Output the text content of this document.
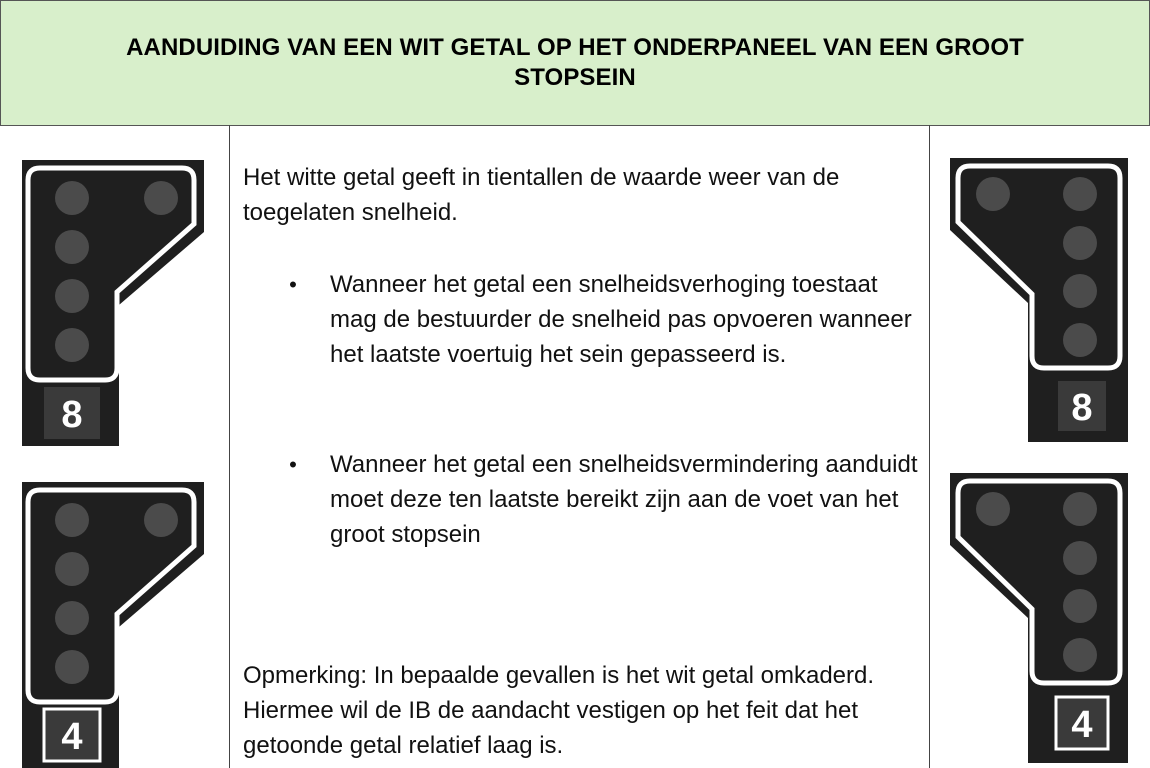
AANDUIDING VAN EEN WIT GETAL OP HET ONDERPANEEL VAN EEN GROOT STOPSEIN
8
4

Het witte getal geeft in tientallen de waarde weer van de toegelaten snelheid.

• Wanneer het getal een snelheidsverhoging toestaat mag de bestuurder de snelheid pas opvoeren wanneer het laatste voertuig het sein gepasseerd is.

• Wanneer het getal een snelheidsvermindering aanduidt moet deze ten laatste bereikt zijn aan de voet van het groot stopsein

Opmerking: In bepaalde gevallen is het wit getal omkaderd. Hiermee wil de IB de aandacht vestigen op het feit dat het getoonde getal relatief laag is.

8
4
